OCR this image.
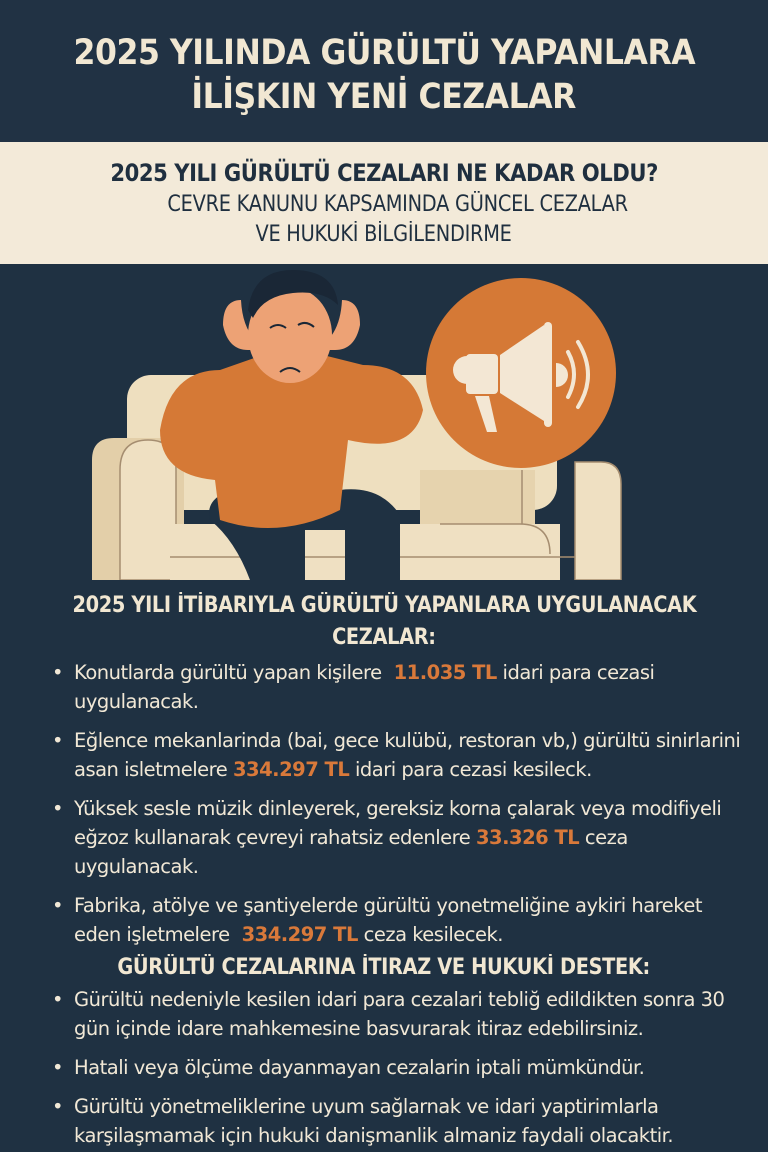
2025 YILINDA GÜRÜLTÜ YAPANLARA
İLİŞKIN YENİ CEZALAR
2025 YILI GÜRÜLTÜ CEZALARI NE KADAR OLDU?
CEVRE KANUNU KAPSAMINDA GÜNCEL CEZALAR
VE HUKUKİ BİLGİLENDIRME
2025 YILI İTİBARIYLA GÜRÜLTÜ YAPANLARA UYGULANACAK
CEZALAR:
• Konutlarda gürültü yapan kişilere 11.035 TL idari para cezasi uygulanacak.
• Eğlence mekanlarinda (bai, gece kulübü, restoran vb,) gürültü sinirlarini asan isletmelere 334.297 TL idari para cezasi kesileck.
• Yüksek sesle müzik dinleyerek, gereksiz korna çalarak veya modifiyeli eğzoz kullanarak çevreyi rahatsiz edenlere 33.326 TL ceza uygulanacak.
• Fabrika, atölye ve şantiyelerde gürültü yonetmeliğine aykiri hareket eden işletmelere 334.297 TL ceza kesilecek.
GÜRÜLTÜ CEZALARINA İTIRAZ VE HUKUKİ DESTEK:
• Gürültü nedeniyle kesilen idari para cezalari tebliğ edildikten sonra 30 gün içinde idare mahkemesine basvurarak itiraz edebilirsiniz.
• Hatali veya ölçüme dayanmayan cezalarin iptali mümkündür.
• Gürültü yönetmeliklerine uyum sağlarnak ve idari yaptirimlarla karşilaşmamak için hukuki danişmanlik almaniz faydali olacaktir.
